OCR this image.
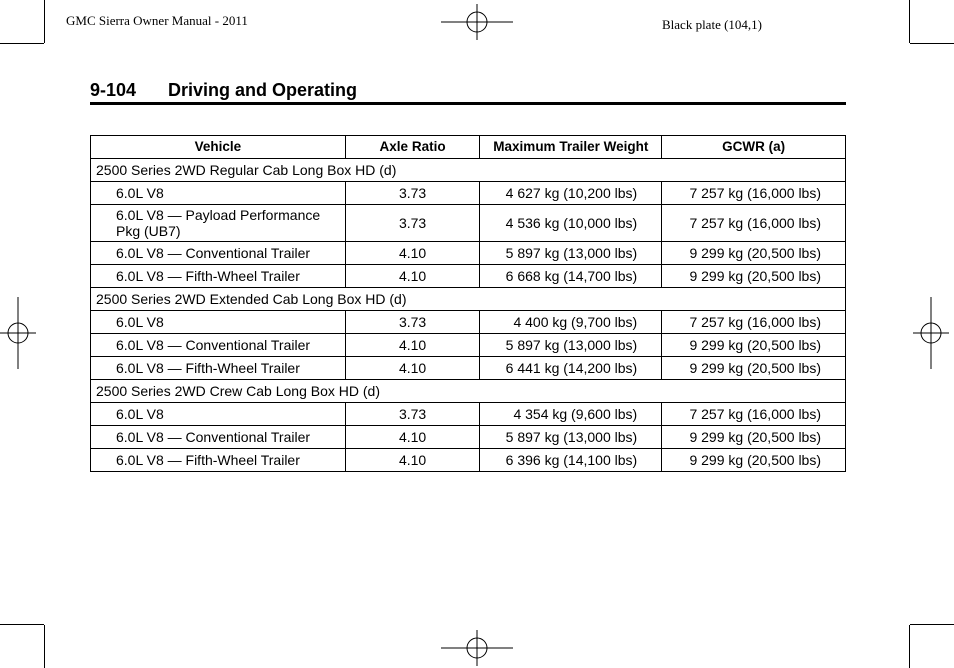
GMC Sierra Owner Manual - 2011	Black plate (104,1)
9-104 Driving and Operating
Vehicle	Axle Ratio	Maximum Trailer Weight	GCWR (a)
2500 Series 2WD Regular Cab Long Box HD (d)			
6.0L V8	3.73	4 627 kg (10,200 lbs)	7 257 kg (16,000 lbs)
6.0L V8 — Payload Performance Pkg (UB7)	3.73	4 536 kg (10,000 lbs)	7 257 kg (16,000 lbs)
6.0L V8 — Conventional Trailer	4.10	5 897 kg (13,000 lbs)	9 299 kg (20,500 lbs)
6.0L V8 — Fifth-Wheel Trailer	4.10	6 668 kg (14,700 lbs)	9 299 kg (20,500 lbs)
2500 Series 2WD Extended Cab Long Box HD (d)			
6.0L V8	3.73	4 400 kg (9,700 lbs)	7 257 kg (16,000 lbs)
6.0L V8 — Conventional Trailer	4.10	5 897 kg (13,000 lbs)	9 299 kg (20,500 lbs)
6.0L V8 — Fifth-Wheel Trailer	4.10	6 441 kg (14,200 lbs)	9 299 kg (20,500 lbs)
2500 Series 2WD Crew Cab Long Box HD (d)			
6.0L V8	3.73	4 354 kg (9,600 lbs)	7 257 kg (16,000 lbs)
6.0L V8 — Conventional Trailer	4.10	5 897 kg (13,000 lbs)	9 299 kg (20,500 lbs)
6.0L V8 — Fifth-Wheel Trailer	4.10	6 396 kg (14,100 lbs)	9 299 kg (20,500 lbs)
